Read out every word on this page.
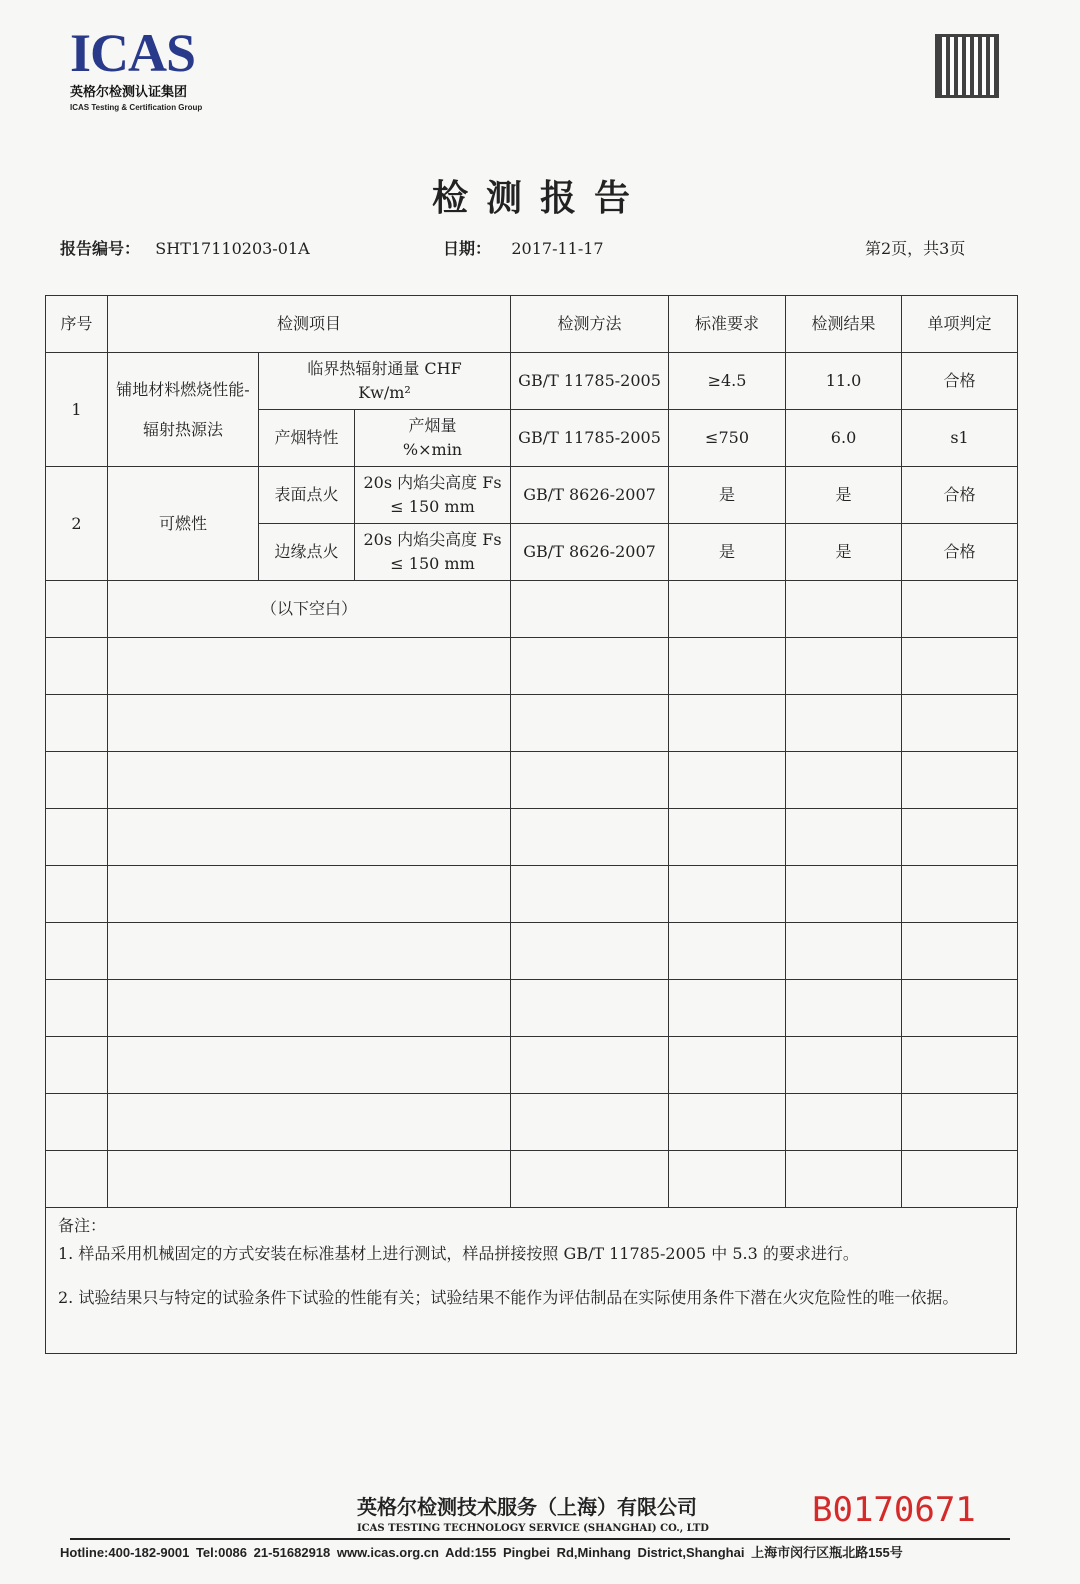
ICAS
英格尔检测认证集团
ICAS Testing & Certification Group
检测报告
报告编号： SHT17110203-01A	日期： 2017-11-17	第2页，共3页
序号	检测项目			检测方法	标准要求	检测结果	单项判定
1	铺地材料燃烧性能-辐射热源法	临界热辐射通量 CHF Kw/m²		GB/T 11785-2005	≥4.5	11.0	合格
		产烟特性	产烟量 %×min	GB/T 11785-2005	≤750	6.0	s1
2	可燃性	表面点火	20s 内焰尖高度 Fs ≤ 150 mm	GB/T 8626-2007	是	是	合格
		边缘点火	20s 内焰尖高度 Fs ≤ 150 mm	GB/T 8626-2007	是	是	合格
	（以下空白）						

备注：
1. 样品采用机械固定的方式安装在标准基材上进行测试，样品拼接按照 GB/T 11785-2005 中 5.3 的要求进行。
2. 试验结果只与特定的试验条件下试验的性能有关；试验结果不能作为评估制品在实际使用条件下潜在火灾危险性的唯一依据。
英格尔检测技术服务（上海）有限公司
ICAS TESTING TECHNOLOGY SERVICE (SHANGHAI) CO., LTD	B0170671
Hotline:400-182-9001 Tel:0086 21-51682918 www.icas.org.cn Add:155 Pingbei Rd,Minhang District,Shanghai 上海市闵行区瓶北路155号
